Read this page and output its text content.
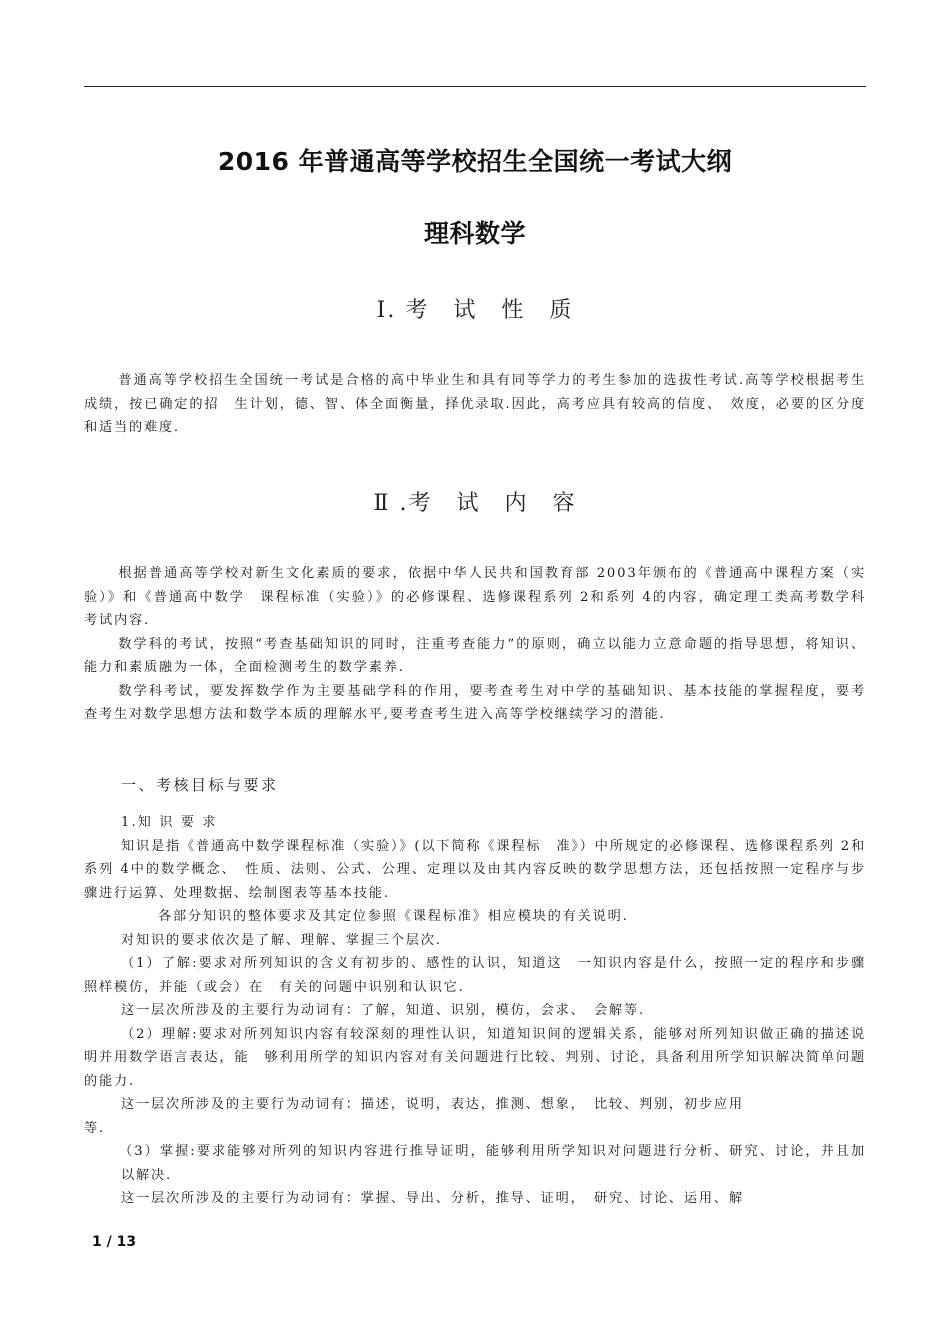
2016 年普通高等学校招生全国统一考试大纲
理科数学
Ⅰ. 考　试　性　质

普通高等学校招生全国统一考试是合格的高中毕业生和具有同等学力的考生参加的选拔性考试.高等学校根据考生成绩，按已确定的招　生计划，德、智、体全面衡量，择优录取.因此，高考应具有较高的信度、　效度，必要的区分度和适当的难度.

Ⅱ .考　试　内　容

根据普通高等学校对新生文化素质的要求，依据中华人民共和国教育部 2003年颁布的《普通高中课程方案（实验）》和《普通高中数学　课程标准（实验）》的必修课程、选修课程系列 2和系列 4的内容，确定理工类高考数学科考试内容.

数学科的考试，按照“考查基础知识的同时，注重考查能力”的原则，确立以能力立意命题的指导思想，将知识、能力和素质融为一体，全面检测考生的数学素养.

数学科考试，要发挥数学作为主要基础学科的作用，要考查考生对中学的基础知识、基本技能的掌握程度，要考查考生对数学思想方法和数学本质的理解水平,要考查考生进入高等学校继续学习的潜能.

一、考核目标与要求

1.知 识 要 求

知识是指《普通高中数学课程标准（实验）》(以下简称《课程标　准》）中所规定的必修课程、选修课程系列 2和系列 4中的数学概念、　性质、法则、公式、公理、定理以及由其内容反映的数学思想方法，还包括按照一定程序与步骤进行运算、处理数据、绘制图表等基本技能.

各部分知识的整体要求及其定位参照《课程标准》相应模块的有关说明.

对知识的要求依次是了解、理解、掌握三个层次.

（1）了解:要求对所列知识的含义有初步的、感性的认识，知道这　一知识内容是什么，按照一定的程序和步骤照样模仿，并能（或会）在　有关的问题中识别和认识它.

这一层次所涉及的主要行为动词有：了解，知道、识别，模仿，会求、　会解等.

（2）理解:要求对所列知识内容有较深刻的理性认识，知道知识间的逻辑关系，能够对所列知识做正确的描述说明并用数学语言表达，能　够利用所学的知识内容对有关问题进行比较、判别、讨论，具备利用所学知识解决简单问题的能力.

这一层次所涉及的主要行为动词有：描述，说明，表达，推测、想象，　比较、判别，初步应用

等.

（3）掌握:要求能够对所列的知识内容进行推导证明，能够利用所学知识对问题进行分析、研究、讨论，并且加以解决.

这一层次所涉及的主要行为动词有：掌握、导出、分析，推导、证明，　研究、讨论、运用、解

1 / 13
